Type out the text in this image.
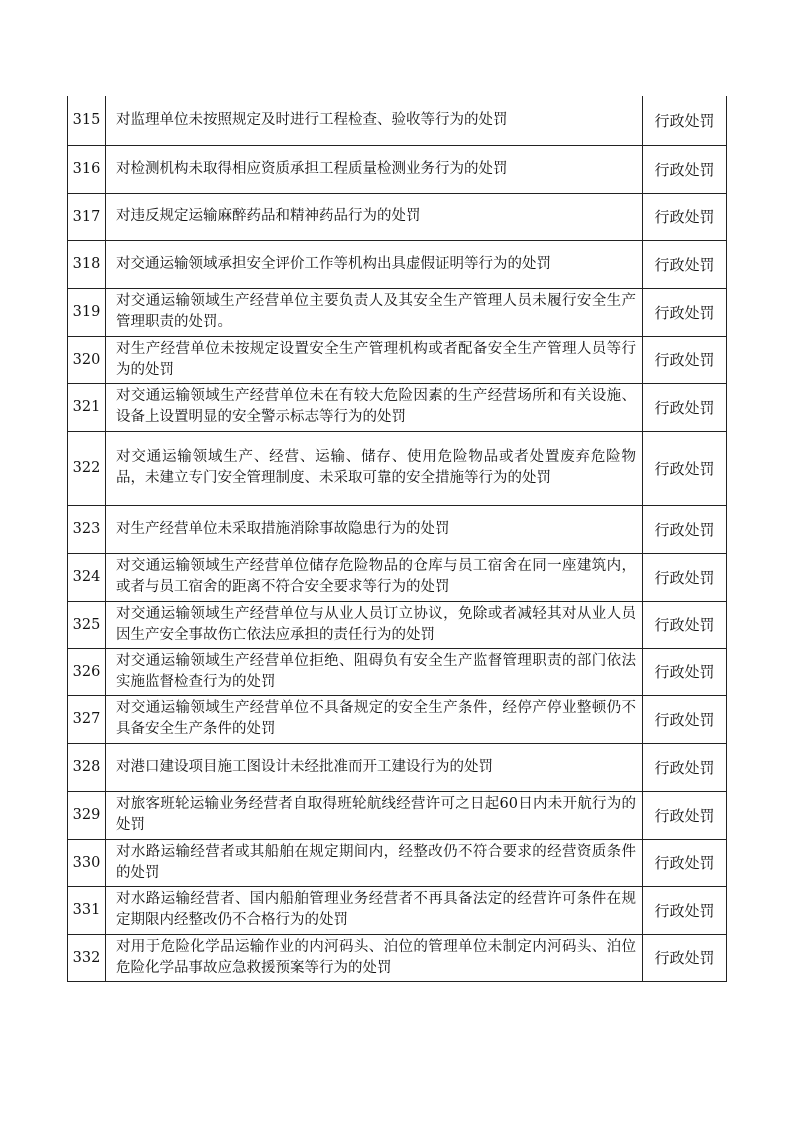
315	对监理单位未按照规定及时进行工程检查、验收等行为的处罚	行政处罚
316	对检测机构未取得相应资质承担工程质量检测业务行为的处罚	行政处罚
317	对违反规定运输麻醉药品和精神药品行为的处罚	行政处罚
318	对交通运输领域承担安全评价工作等机构出具虚假证明等行为的处罚	行政处罚
319	对交通运输领域生产经营单位主要负责人及其安全生产管理人员未履行安全生产管理职责的处罚。	行政处罚
320	对生产经营单位未按规定设置安全生产管理机构或者配备安全生产管理人员等行为的处罚	行政处罚
321	对交通运输领域生产经营单位未在有较大危险因素的生产经营场所和有关设施、设备上设置明显的安全警示标志等行为的处罚	行政处罚
322	对交通运输领域生产、经营、运输、储存、使用危险物品或者处置废弃危险物品，未建立专门安全管理制度、未采取可靠的安全措施等行为的处罚	行政处罚
323	对生产经营单位未采取措施消除事故隐患行为的处罚	行政处罚
324	对交通运输领域生产经营单位储存危险物品的仓库与员工宿舍在同一座建筑内，或者与员工宿舍的距离不符合安全要求等行为的处罚	行政处罚
325	对交通运输领域生产经营单位与从业人员订立协议，免除或者减轻其对从业人员因生产安全事故伤亡依法应承担的责任行为的处罚	行政处罚
326	对交通运输领域生产经营单位拒绝、阻碍负有安全生产监督管理职责的部门依法实施监督检查行为的处罚	行政处罚
327	对交通运输领域生产经营单位不具备规定的安全生产条件，经停产停业整顿仍不具备安全生产条件的处罚	行政处罚
328	对港口建设项目施工图设计未经批准而开工建设行为的处罚	行政处罚
329	对旅客班轮运输业务经营者自取得班轮航线经营许可之日起60日内未开航行为的处罚	行政处罚
330	对水路运输经营者或其船舶在规定期间内，经整改仍不符合要求的经营资质条件的处罚	行政处罚
331	对水路运输经营者、国内船舶管理业务经营者不再具备法定的经营许可条件在规定期限内经整改仍不合格行为的处罚	行政处罚
332	对用于危险化学品运输作业的内河码头、泊位的管理单位未制定内河码头、泊位危险化学品事故应急救援预案等行为的处罚	行政处罚
